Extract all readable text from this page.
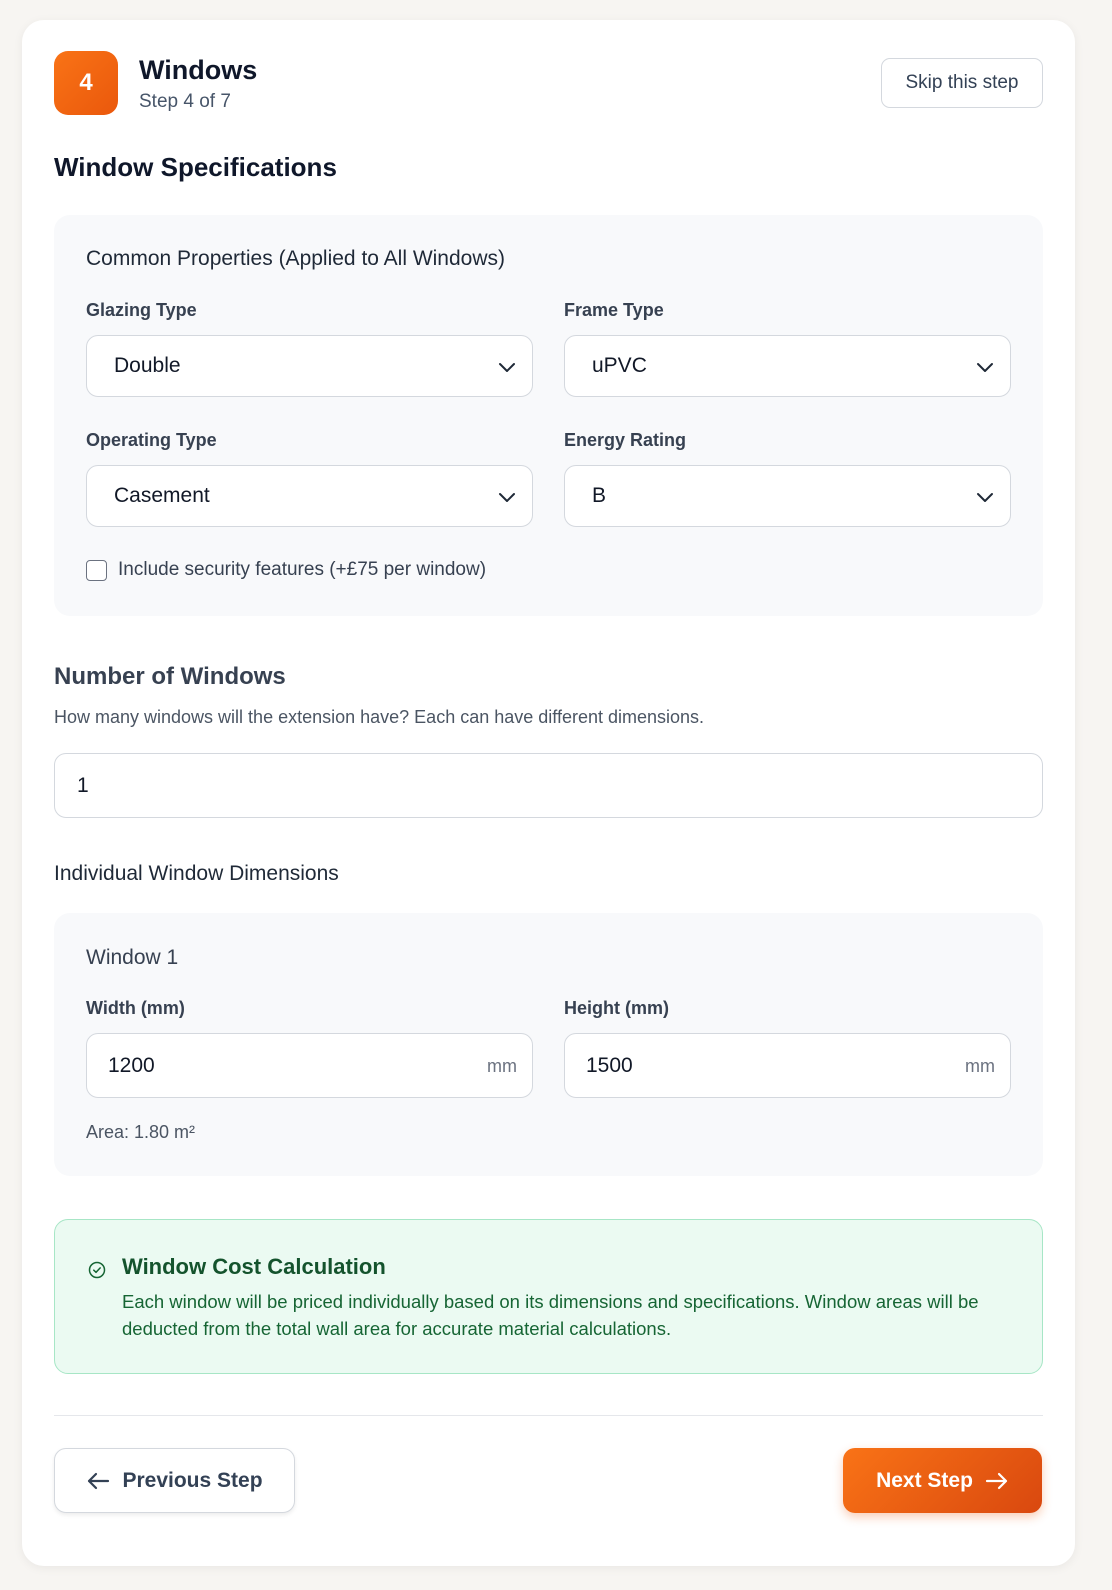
4	Windows
Step 4 of 7
Skip this step
Window Specifications
Common Properties (Applied to All Windows)
Glazing Type
Double
Frame Type
uPVC
Operating Type
Casement
Energy Rating
B
Include security features (+£75 per window)
Number of Windows
How many windows will the extension have? Each can have different dimensions.
1
Individual Window Dimensions
Window 1
Width (mm)
1200	mm
Height (mm)
1500	mm
Area: 1.80 m²
Window Cost Calculation
Each window will be priced individually based on its dimensions and specifications. Window areas will be deducted from the total wall area for accurate material calculations.
Previous Step	Next Step
